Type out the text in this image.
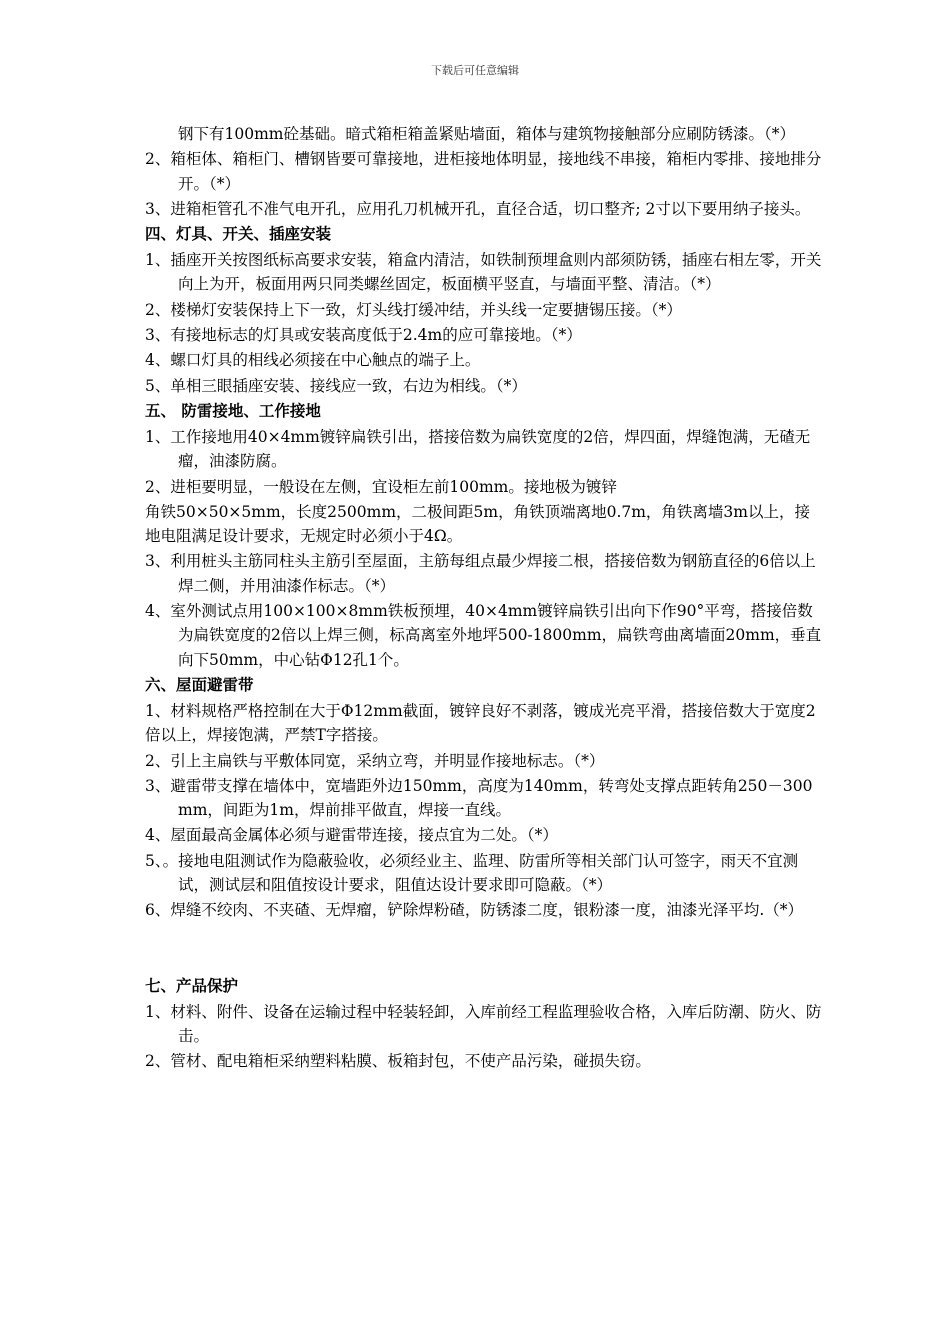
下载后可任意编辑
钢下有100mm砼基础。暗式箱柜箱盖紧贴墙面，箱体与建筑物接触部分应刷防锈漆。（*）
2、箱柜体、箱柜门、槽钢皆要可靠接地，进柜接地体明显，接地线不串接，箱柜内零排、接地排分开。（*）
3、进箱柜管孔不准气电开孔，应用孔刀机械开孔，直径合适，切口整齐; 2寸以下要用纳子接头。
四、灯具、开关、插座安装
1、插座开关按图纸标高要求安装，箱盒内清洁，如铁制预埋盒则内部须防锈，插座右相左零，开关向上为开，板面用两只同类螺丝固定，板面横平竖直，与墙面平整、清洁。（*）
2、楼梯灯安装保持上下一致，灯头线打缓冲结，并头线一定要搪锡压接。（*）
3、有接地标志的灯具或安装高度低于2.4m的应可靠接地。（*）
4、螺口灯具的相线必须接在中心触点的端子上。
5、单相三眼插座安装、接线应一致，右边为相线。（*）
五、 防雷接地、工作接地
1、工作接地用40×4mm镀锌扁铁引出，搭接倍数为扁铁宽度的2倍，焊四面，焊缝饱满，无碴无瘤，油漆防腐。
2、进柜要明显，一般设在左侧，宜设柜左前100mm。接地极为镀锌
角铁50×50×5mm，长度2500mm，二极间距5m，角铁顶端离地0.7m，角铁离墙3m以上，接地电阻满足设计要求，无规定时必须小于4Ω。
3、利用桩头主筋同柱头主筋引至屋面，主筋每组点最少焊接二根，搭接倍数为钢筋直径的6倍以上焊二侧，并用油漆作标志。（*）
4、室外测试点用100×100×8mm铁板预埋，40×4mm镀锌扁铁引出向下作90°平弯，搭接倍数为扁铁宽度的2倍以上焊三侧，标高离室外地坪500-1800mm，扁铁弯曲离墙面20mm，垂直向下50mm，中心钻Φ12孔1个。
六、屋面避雷带
1、材料规格严格控制在大于Φ12mm截面，镀锌良好不剥落，镀成光亮平滑，搭接倍数大于宽度2倍以上，焊接饱满，严禁T字搭接。
2、引上主扁铁与平敷体同宽，采纳立弯，并明显作接地标志。（*）
3、避雷带支撑在墙体中，宽墙距外边150mm，高度为140mm，转弯处支撑点距转角250－300mm，间距为1m，焊前排平做直，焊接一直线。
4、屋面最高金属体必须与避雷带连接，接点宜为二处。（*）
5、。接地电阻测试作为隐蔽验收，必须经业主、监理、防雷所等相关部门认可签字，雨天不宜测试，测试层和阻值按设计要求，阻值达设计要求即可隐蔽。（*）
6、焊缝不绞肉、不夹碴、无焊瘤，铲除焊粉碴，防锈漆二度，银粉漆一度，油漆光泽平均.（*）
七、产品保护
1、材料、附件、设备在运输过程中轻装轻卸，入库前经工程监理验收合格，入库后防潮、防火、防击。
2、管材、配电箱柜采纳塑料粘膜、板箱封包，不使产品污染，碰损失窃。
